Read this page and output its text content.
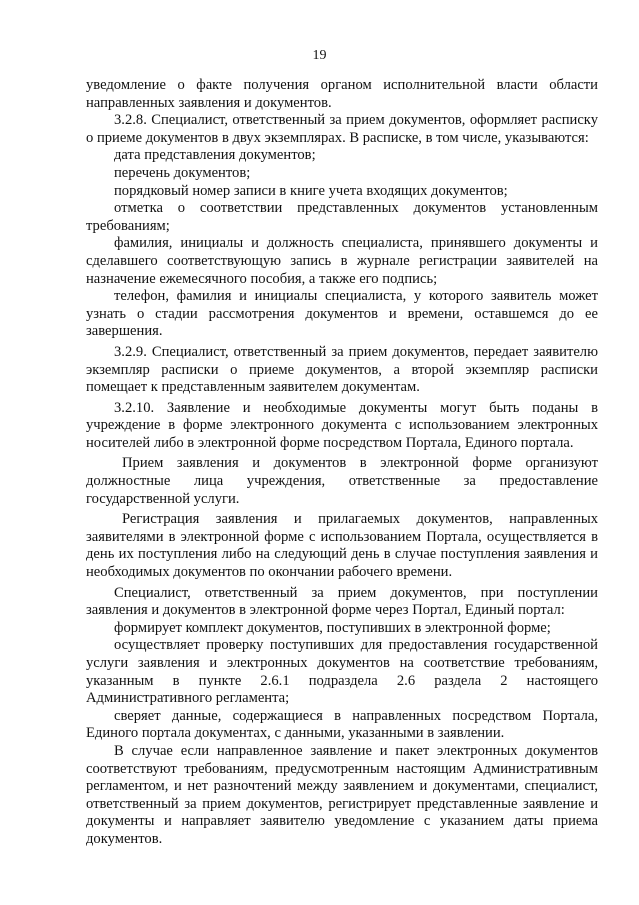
19

уведомление о факте получения органом исполнительной власти области направленных заявления и документов.

3.2.8. Специалист, ответственный за прием документов, оформляет расписку о приеме документов в двух экземплярах. В расписке, в том числе, указываются:

дата представления документов;

перечень документов;

порядковый номер записи в книге учета входящих документов;

отметка о соответствии представленных документов установленным требованиям;

фамилия, инициалы и должность специалиста, принявшего документы и сделавшего соответствующую запись в журнале регистрации заявителей на назначение ежемесячного пособия, а также его подпись;

телефон, фамилия и инициалы специалиста, у которого заявитель может узнать о стадии рассмотрения документов и времени, оставшемся до ее завершения.

3.2.9. Специалист, ответственный за прием документов, передает заявителю экземпляр расписки о приеме документов, а второй экземпляр расписки помещает к представленным заявителем документам.

3.2.10. Заявление и необходимые документы могут быть поданы в учреждение в форме электронного документа с использованием электронных носителей либо в электронной форме посредством Портала, Единого портала.

Прием заявления и документов в электронной форме организуют должностные лица учреждения, ответственные за предоставление государственной услуги.

Регистрация заявления и прилагаемых документов, направленных заявителями в электронной форме с использованием Портала, осуществляется в день их поступления либо на следующий день в случае поступления заявления и необходимых документов по окончании рабочего времени.

Специалист, ответственный за прием документов, при поступлении заявления и документов в электронной форме через Портал, Единый портал:

формирует комплект документов, поступивших в электронной форме;

осуществляет проверку поступивших для предоставления государственной услуги заявления и электронных документов на соответствие требованиям, указанным в пункте 2.6.1 подраздела 2.6 раздела 2 настоящего Административного регламента;

сверяет данные, содержащиеся в направленных посредством Портала, Единого портала документах, с данными, указанными в заявлении.

В случае если направленное заявление и пакет электронных документов соответствуют требованиям, предусмотренным настоящим Административным регламентом, и нет разночтений между заявлением и документами, специалист, ответственный за прием документов, регистрирует представленные заявление и документы и направляет заявителю уведомление с указанием даты приема документов.
